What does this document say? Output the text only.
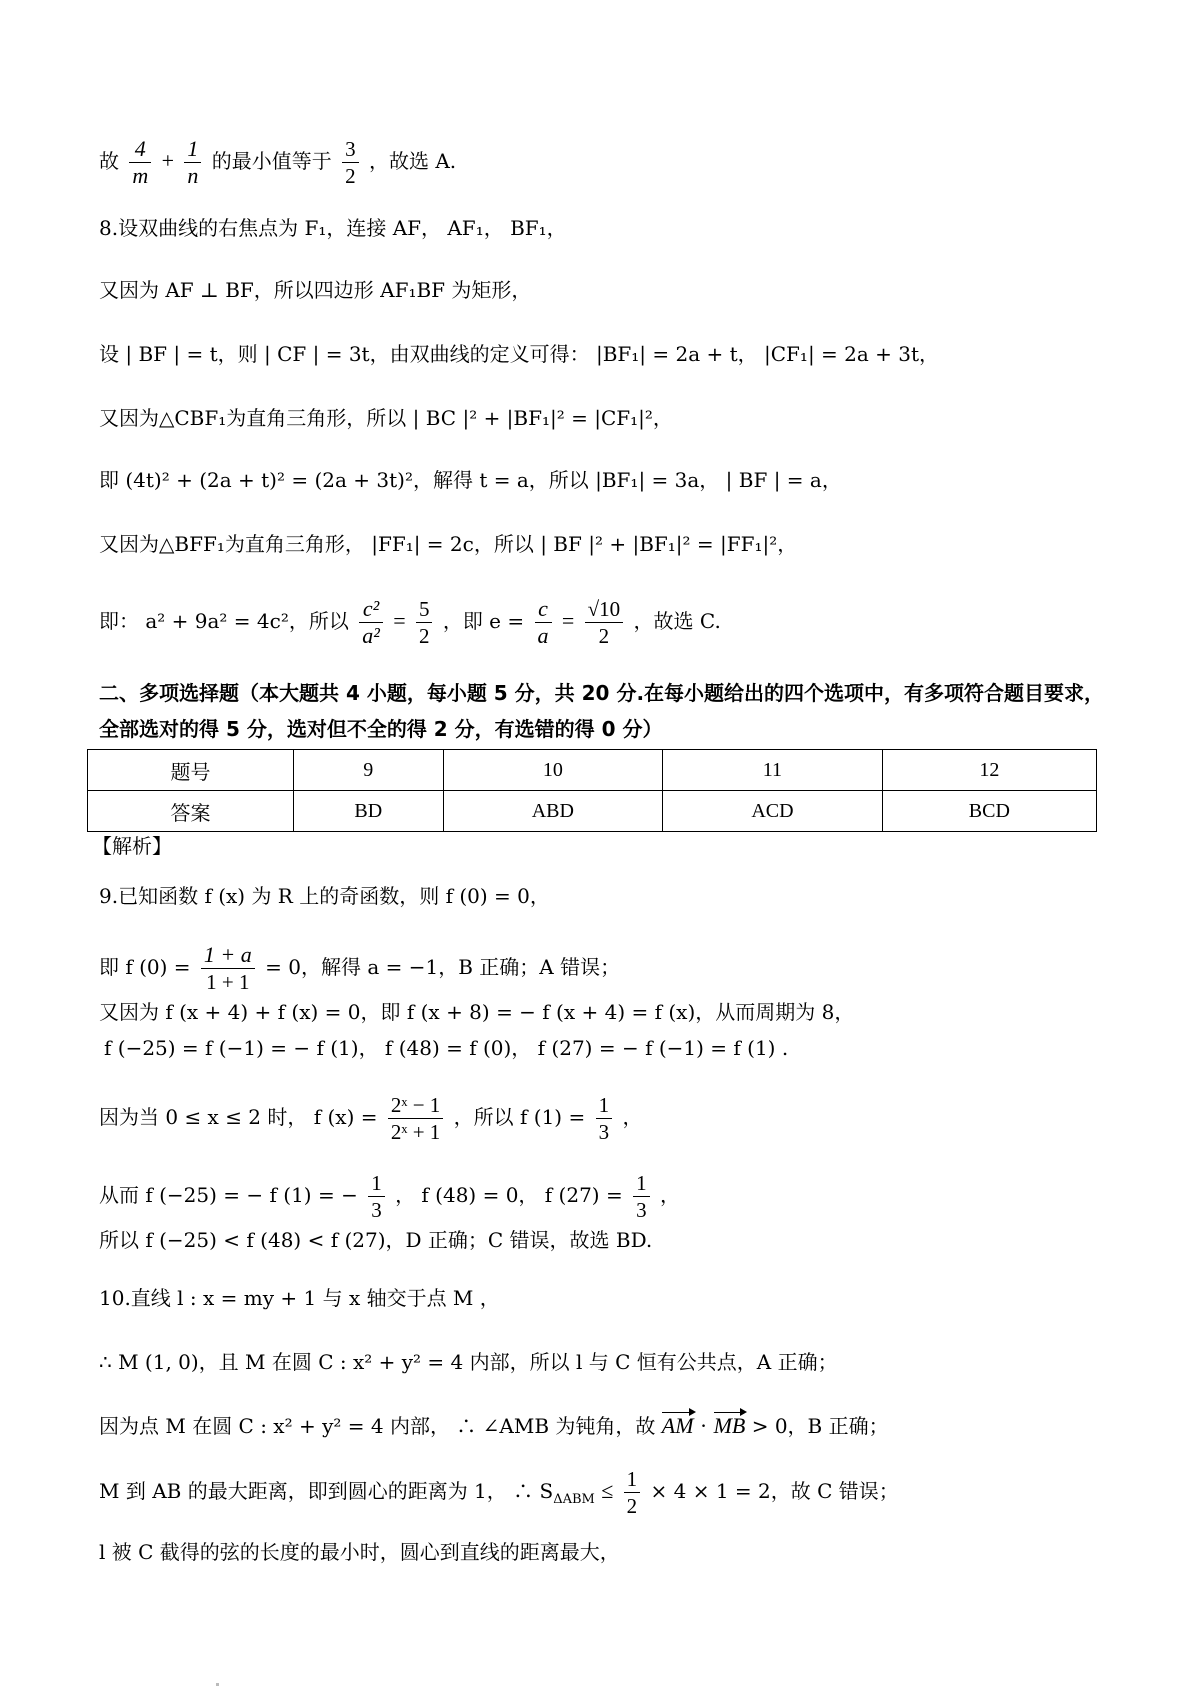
故 $\frac{4}{m} + \frac{1}{n}$ 的最小值等于 $\frac{3}{2}$ ，故选 A.
8.设双曲线的右焦点为 F₁，连接 AF， AF₁， BF₁，
又因为 AF ⊥ BF，所以四边形 AF₁BF 为矩形，
设 | BF | = t，则 | CF | = 3t，由双曲线的定义可得： |BF₁| = 2a + t， |CF₁| = 2a + 3t，
又因为△CBF₁为直角三角形，所以 | BC |² + |BF₁|² = |CF₁|²，
即 (4t)² + (2a + t)² = (2a + 3t)²，解得 t = a，所以 |BF₁| = 3a， | BF | = a，
又因为△BFF₁为直角三角形， |FF₁| = 2c，所以 | BF |² + |BF₁|² = |FF₁|²，
即： a² + 9a² = 4c²，所以 $\frac{\text{c²}}{\text{a²}} = \frac{5}{2}$ ，即 $e = \frac{c}{a} = \frac{√10}{2}$ ，故选 C.
二、多项选择题（本大题共 4 小题，每小题 5 分，共 20 分.在每小题给出的四个选项中，有多项符合题目要求，
全部选对的得 5 分，选对但不全的得 2 分，有选错的得 0 分）
题号	9	10	11	12
答案	BD	ABD	ACD	BCD
【解析】
9.已知函数 f (x) 为 R 上的奇函数，则 f (0) = 0，
即 f $(0) = \frac{1 + a}{1 + 1} = 0$，解得 a = −1，B 正确；A 错误；
又因为 f (x + 4) + f (x) = 0，即 f (x + 8) = − f (x + 4) = f (x)，从而周期为 8，
f (−25) = f (−1) = − f (1)， f (48) = f (0)， f (27) = − f (−1) = f (1) .
因为当 0 ≤ x ≤ 2 时， f $(x) = \frac{\text{2ˣ − 1}}{\text{2ˣ + 1}}$ ，所以 f $(1) = \frac{1}{3}$ ，
从而 f (−25) = − f (1) = − $\frac{1}{3}$ ， f (48) = 0， f $(27) = \frac{1}{3}$ ，
所以 f (−25) < f (48) < f (27)，D 正确；C 错误，故选 BD.
10.直线 l : x = my + 1 与 x 轴交于点 M ，
∴ M (1, 0)，且 M 在圆 C : x² + y² = 4 内部，所以 l 与 C 恒有公共点，A 正确；
因为点 M 在圆 C : x² + y² = 4 内部， ∴ ∠AMB 为钝角，故 AM · MB > 0，B 正确；
M 到 AB 的最大距离，即到圆心的距离为 1， ∴ $S_{\Delta ABM} \le \frac{1}{2} \times 4 \times 1 = 2$，故 C 错误；
l 被 C 截得的弦的长度的最小时，圆心到直线的距离最大，
